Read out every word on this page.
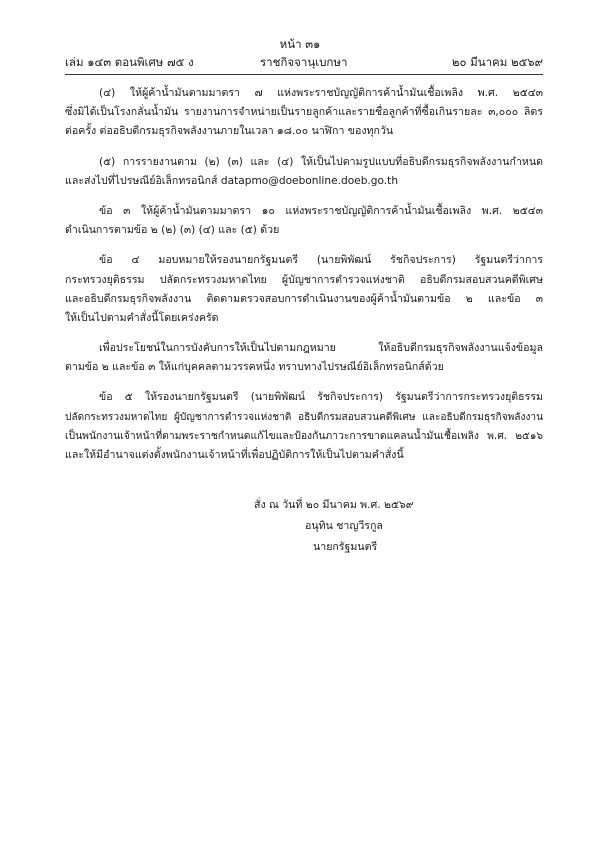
หน้า ๓๑
เล่ม ๑๔๓ ตอนพิเศษ ๗๕ ง	ราชกิจจานุเบกษา	๒๐ มีนาคม ๒๕๖๙
(๔) ให้ผู้ค้าน้ำมันตามมาตรา ๗ แห่งพระราชบัญญัติการค้าน้ำมันเชื้อเพลิง พ.ศ. ๒๕๔๓
ซึ่งมิได้เป็นโรงกลั่นน้ำมัน รายงานการจำหน่ายเป็นรายลูกค้าและรายชื่อลูกค้าที่ซื้อเกินรายละ ๓,๐๐๐ ลิตร
ต่อครั้ง ต่ออธิบดีกรมธุรกิจพลังงานภายในเวลา ๑๘.๐๐ นาฬิกา ของทุกวัน
(๕) การรายงานตาม (๒) (๓) และ (๔) ให้เป็นไปตามรูปแบบที่อธิบดีกรมธุรกิจพลังงานกำหนด
และส่งไปที่ไปรษณีย์อิเล็กทรอนิกส์ datapmo@doebonline.doeb.go.th
ข้อ ๓ ให้ผู้ค้าน้ำมันตามมาตรา ๑๐ แห่งพระราชบัญญัติการค้าน้ำมันเชื้อเพลิง พ.ศ. ๒๕๔๓
ดำเนินการตามข้อ ๒ (๒) (๓) (๔) และ (๕) ด้วย
ข้อ ๔ มอบหมายให้รองนายกรัฐมนตรี (นายพิพัฒน์ รัชกิจประการ) รัฐมนตรีว่าการ
กระทรวงยุติธรรม ปลัดกระทรวงมหาดไทย ผู้บัญชาการตำรวจแห่งชาติ อธิบดีกรมสอบสวนคดีพิเศษ
และอธิบดีกรมธุรกิจพลังงาน ติดตามตรวจสอบการดำเนินงานของผู้ค้าน้ำมันตามข้อ ๒ และข้อ ๓
ให้เป็นไปตามคำสั่งนี้โดยเคร่งครัด
เพื่อประโยชน์ในการบังคับการให้เป็นไปตามกฎหมาย ให้อธิบดีกรมธุรกิจพลังงานแจ้งข้อมูล
ตามข้อ ๒ และข้อ ๓ ให้แก่บุคคลตามวรรคหนึ่ง ทราบทางไปรษณีย์อิเล็กทรอนิกส์ด้วย
ข้อ ๕ ให้รองนายกรัฐมนตรี (นายพิพัฒน์ รัชกิจประการ) รัฐมนตรีว่าการกระทรวงยุติธรรม
ปลัดกระทรวงมหาดไทย ผู้บัญชาการตำรวจแห่งชาติ อธิบดีกรมสอบสวนคดีพิเศษ และอธิบดีกรมธุรกิจพลังงาน
เป็นพนักงานเจ้าหน้าที่ตามพระราชกำหนดแก้ไขและป้องกันภาวะการขาดแคลนน้ำมันเชื้อเพลิง พ.ศ. ๒๕๑๖
และให้มีอำนาจแต่งตั้งพนักงานเจ้าหน้าที่เพื่อปฏิบัติการให้เป็นไปตามคำสั่งนี้
สั่ง ณ วันที่ ๒๐ มีนาคม พ.ศ. ๒๕๖๙
อนุทิน ชาญวีรกูล
นายกรัฐมนตรี
